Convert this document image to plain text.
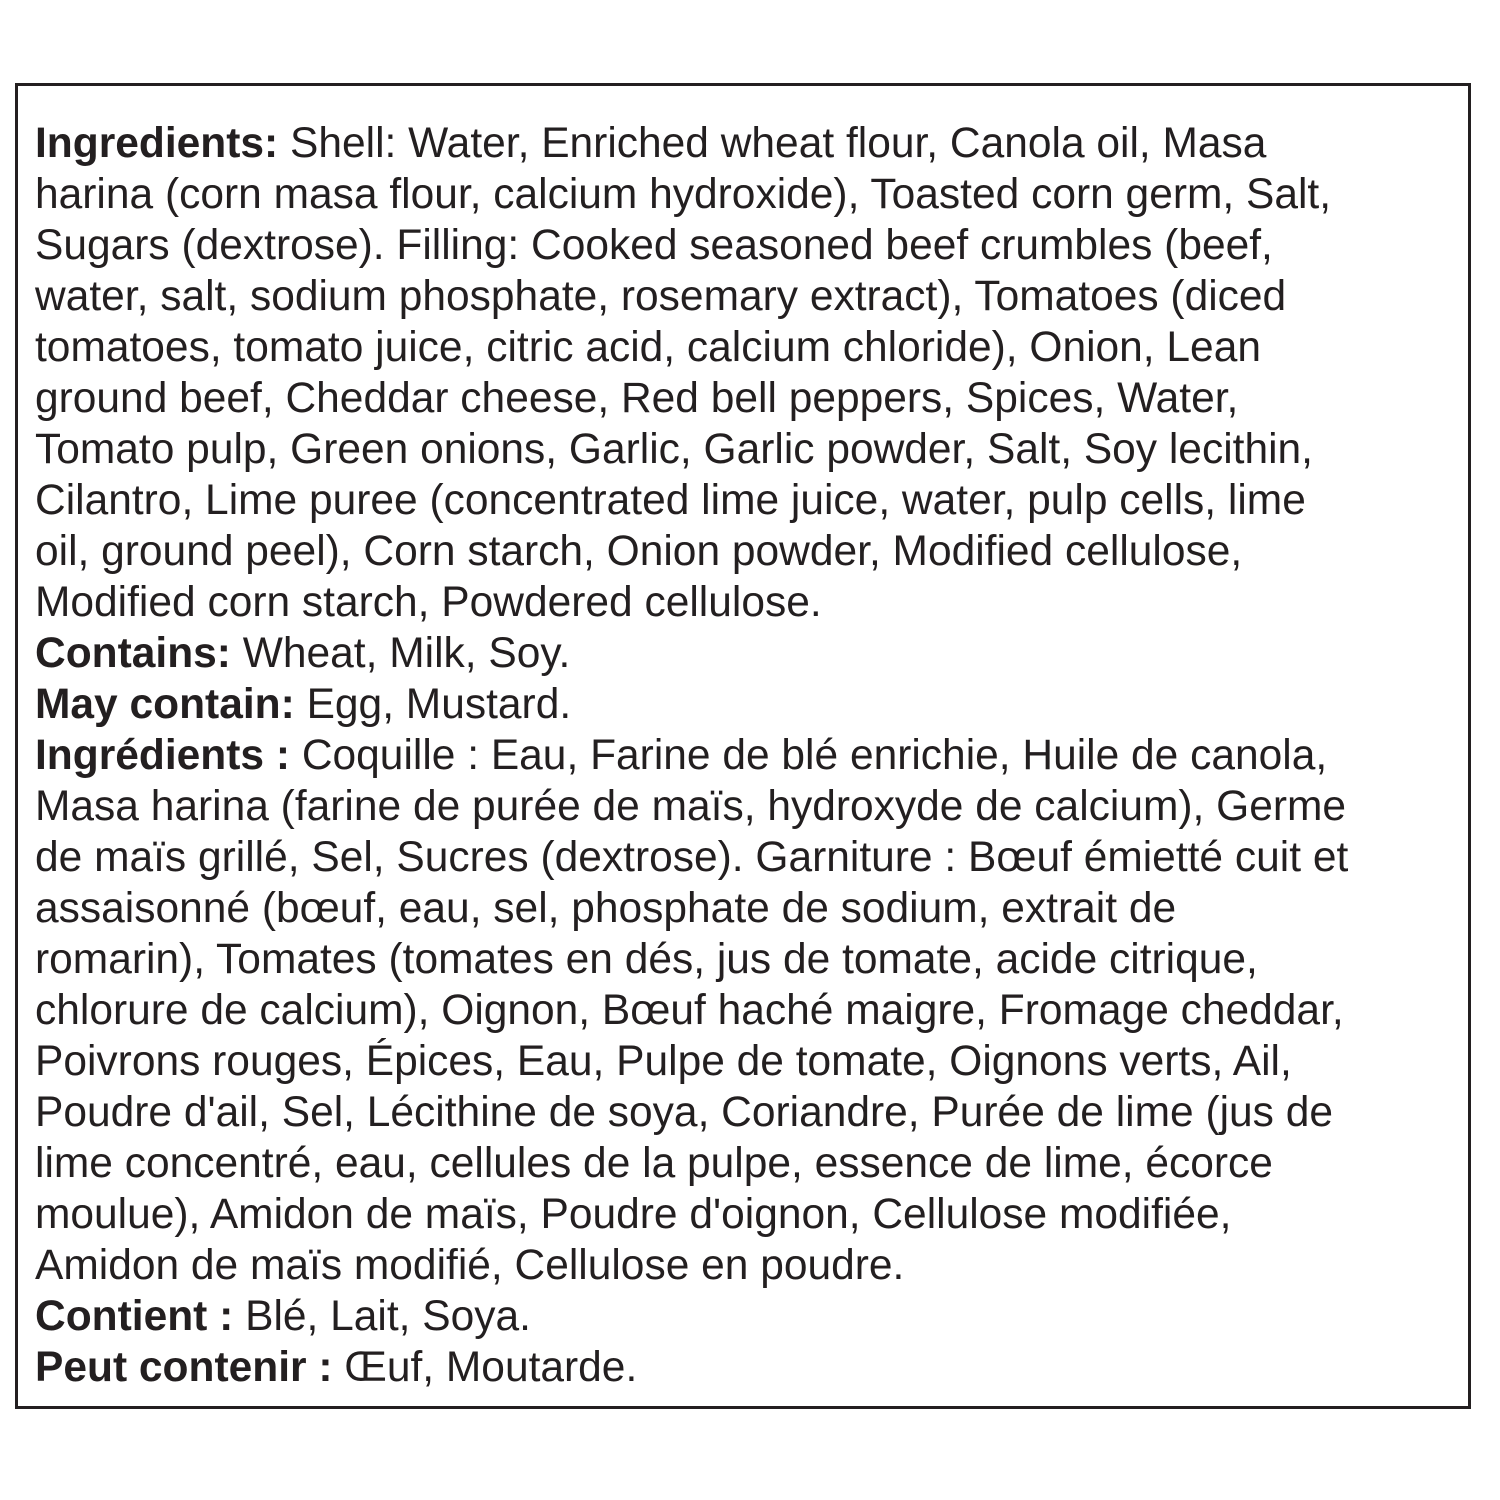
Ingredients: Shell: Water, Enriched wheat flour, Canola oil, Masa
harina (corn masa flour, calcium hydroxide), Toasted corn germ, Salt,
Sugars (dextrose). Filling: Cooked seasoned beef crumbles (beef,
water, salt, sodium phosphate, rosemary extract), Tomatoes (diced
tomatoes, tomato juice, citric acid, calcium chloride), Onion, Lean
ground beef, Cheddar cheese, Red bell peppers, Spices, Water,
Tomato pulp, Green onions, Garlic, Garlic powder, Salt, Soy lecithin,
Cilantro, Lime puree (concentrated lime juice, water, pulp cells, lime
oil, ground peel), Corn starch, Onion powder, Modified cellulose,
Modified corn starch, Powdered cellulose.
Contains: Wheat, Milk, Soy.
May contain: Egg, Mustard.
Ingrédients : Coquille : Eau, Farine de blé enrichie, Huile de canola,
Masa harina (farine de purée de maïs, hydroxyde de calcium), Germe
de maïs grillé, Sel, Sucres (dextrose). Garniture : Bœuf émietté cuit et
assaisonné (bœuf, eau, sel, phosphate de sodium, extrait de
romarin), Tomates (tomates en dés, jus de tomate, acide citrique,
chlorure de calcium), Oignon, Bœuf haché maigre, Fromage cheddar,
Poivrons rouges, Épices, Eau, Pulpe de tomate, Oignons verts, Ail,
Poudre d'ail, Sel, Lécithine de soya, Coriandre, Purée de lime (jus de
lime concentré, eau, cellules de la pulpe, essence de lime, écorce
moulue), Amidon de maïs, Poudre d'oignon, Cellulose modifiée,
Amidon de maïs modifié, Cellulose en poudre.
Contient : Blé, Lait, Soya.
Peut contenir : Œuf, Moutarde.
